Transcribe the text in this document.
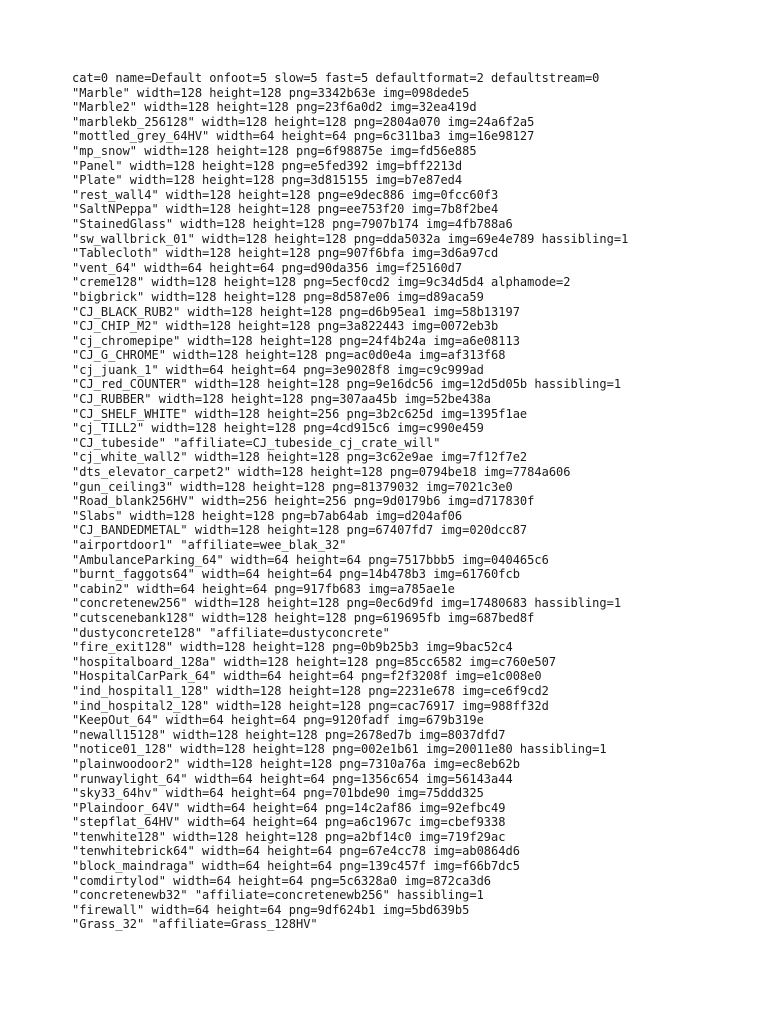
cat=0 name=Default onfoot=5 slow=5 fast=5 defaultformat=2 defaultstream=0
"Marble" width=128 height=128 png=3342b63e img=098dede5
"Marble2" width=128 height=128 png=23f6a0d2 img=32ea419d
"marblekb_256128" width=128 height=128 png=2804a070 img=24a6f2a5
"mottled_grey_64HV" width=64 height=64 png=6c311ba3 img=16e98127
"mp_snow" width=128 height=128 png=6f98875e img=fd56e885
"Panel" width=128 height=128 png=e5fed392 img=bff2213d
"Plate" width=128 height=128 png=3d815155 img=b7e87ed4
"rest_wall4" width=128 height=128 png=e9dec886 img=0fcc60f3
"SaltNPeppa" width=128 height=128 png=ee753f20 img=7b8f2be4
"StainedGlass" width=128 height=128 png=7907b174 img=4fb788a6
"sw_wallbrick_01" width=128 height=128 png=dda5032a img=69e4e789 hassibling=1
"Tablecloth" width=128 height=128 png=907f6bfa img=3d6a97cd
"vent_64" width=64 height=64 png=d90da356 img=f25160d7
"creme128" width=128 height=128 png=5ecf0cd2 img=9c34d5d4 alphamode=2
"bigbrick" width=128 height=128 png=8d587e06 img=d89aca59
"CJ_BLACK_RUB2" width=128 height=128 png=d6b95ea1 img=58b13197
"CJ_CHIP_M2" width=128 height=128 png=3a822443 img=0072eb3b
"cj_chromepipe" width=128 height=128 png=24f4b24a img=a6e08113
"CJ_G_CHROME" width=128 height=128 png=ac0d0e4a img=af313f68
"cj_juank_1" width=64 height=64 png=3e9028f8 img=c9c999ad
"CJ_red_COUNTER" width=128 height=128 png=9e16dc56 img=12d5d05b hassibling=1
"CJ_RUBBER" width=128 height=128 png=307aa45b img=52be438a
"CJ_SHELF_WHITE" width=128 height=256 png=3b2c625d img=1395f1ae
"cj_TILL2" width=128 height=128 png=4cd915c6 img=c990e459
"CJ_tubeside" "affiliate=CJ_tubeside_cj_crate_will"
"cj_white_wall2" width=128 height=128 png=3c62e9ae img=7f12f7e2
"dts_elevator_carpet2" width=128 height=128 png=0794be18 img=7784a606
"gun_ceiling3" width=128 height=128 png=81379032 img=7021c3e0
"Road_blank256HV" width=256 height=256 png=9d0179b6 img=d717830f
"Slabs" width=128 height=128 png=b7ab64ab img=d204af06
"CJ_BANDEDMETAL" width=128 height=128 png=67407fd7 img=020dcc87
"airportdoor1" "affiliate=wee_blak_32"
"AmbulanceParking_64" width=64 height=64 png=7517bbb5 img=040465c6
"burnt_faggots64" width=64 height=64 png=14b478b3 img=61760fcb
"cabin2" width=64 height=64 png=917fb683 img=a785ae1e
"concretenew256" width=128 height=128 png=0ec6d9fd img=17480683 hassibling=1
"cutscenebank128" width=128 height=128 png=619695fb img=687bed8f
"dustyconcrete128" "affiliate=dustyconcrete"
"fire_exit128" width=128 height=128 png=0b9b25b3 img=9bac52c4
"hospitalboard_128a" width=128 height=128 png=85cc6582 img=c760e507
"HospitalCarPark_64" width=64 height=64 png=f2f3208f img=e1c008e0
"ind_hospital1_128" width=128 height=128 png=2231e678 img=ce6f9cd2
"ind_hospital2_128" width=128 height=128 png=cac76917 img=988ff32d
"KeepOut_64" width=64 height=64 png=9120fadf img=679b319e
"newall15128" width=128 height=128 png=2678ed7b img=8037dfd7
"notice01_128" width=128 height=128 png=002e1b61 img=20011e80 hassibling=1
"plainwoodoor2" width=128 height=128 png=7310a76a img=ec8eb62b
"runwaylight_64" width=64 height=64 png=1356c654 img=56143a44
"sky33_64hv" width=64 height=64 png=701bde90 img=75ddd325
"Plaindoor_64V" width=64 height=64 png=14c2af86 img=92efbc49
"stepflat_64HV" width=64 height=64 png=a6c1967c img=cbef9338
"tenwhite128" width=128 height=128 png=a2bf14c0 img=719f29ac
"tenwhitebrick64" width=64 height=64 png=67e4cc78 img=ab0864d6
"block_maindraga" width=64 height=64 png=139c457f img=f66b7dc5
"comdirtylod" width=64 height=64 png=5c6328a0 img=872ca3d6
"concretenewb32" "affiliate=concretenewb256" hassibling=1
"firewall" width=64 height=64 png=9df624b1 img=5bd639b5
"Grass_32" "affiliate=Grass_128HV"
